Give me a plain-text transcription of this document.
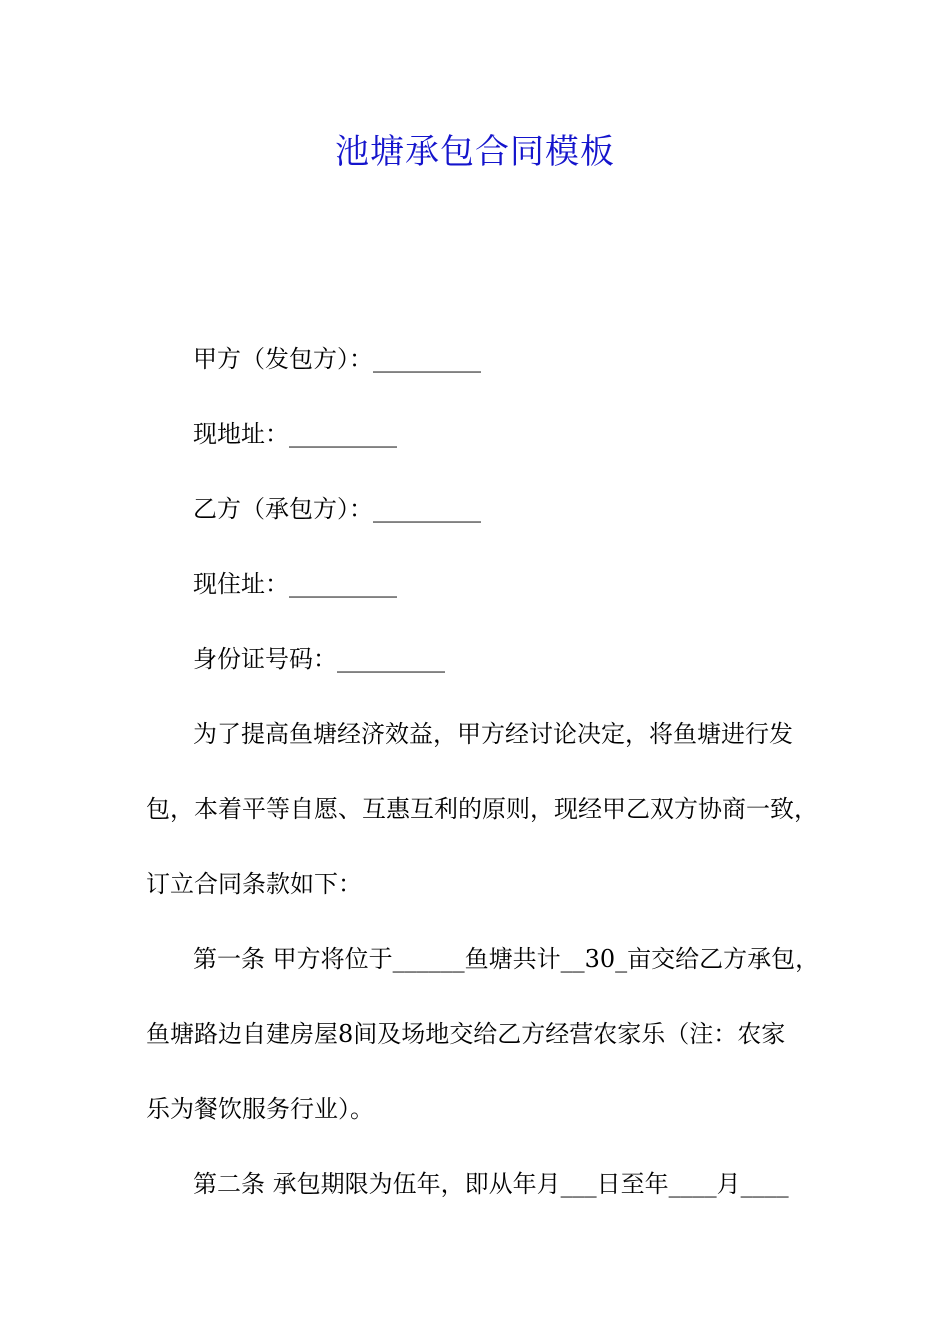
池塘承包合同模板
甲方（发包方）：_________
现地址：_________
乙方（承包方）：_________
现住址：_________
身份证号码：_________
为了提高鱼塘经济效益，甲方经讨论决定，将鱼塘进行发
包，本着平等自愿、互惠互利的原则，现经甲乙双方协商一致，
订立合同条款如下：
第一条 甲方将位于______鱼塘共计__30_亩交给乙方承包，
鱼塘路边自建房屋8间及场地交给乙方经营农家乐（注：农家
乐为餐饮服务行业）。
第二条 承包期限为伍年，即从年月___日至年____月____
